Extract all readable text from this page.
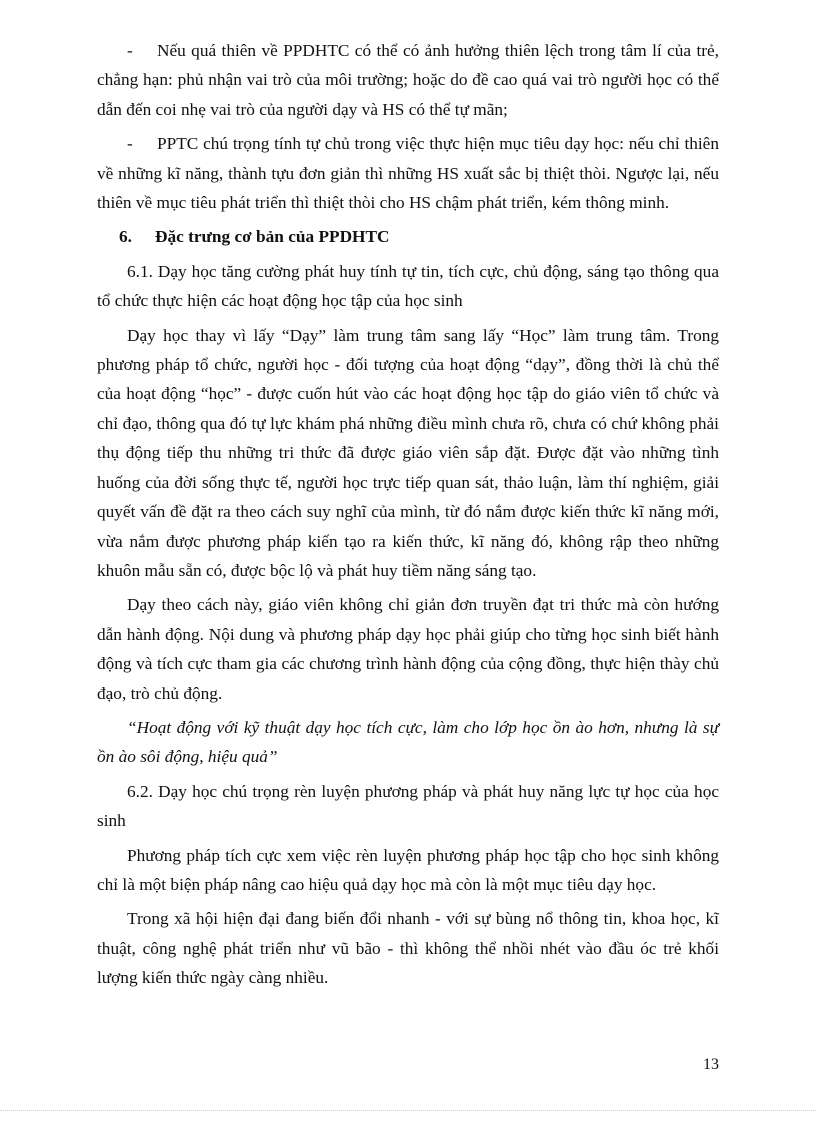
- Nếu quá thiên về PPDHTC có thể có ảnh hưởng thiên lệch trong tâm lí của trẻ, chẳng hạn: phủ nhận vai trò của môi trường; hoặc do đề cao quá vai trò người học có thể dẫn đến coi nhẹ vai trò của người dạy và HS có thể tự mãn;

- PPTC chú trọng tính tự chủ trong việc thực hiện mục tiêu dạy học: nếu chỉ thiên về những kĩ năng, thành tựu đơn giản thì những HS xuất sắc bị thiệt thòi. Ngược lại, nếu thiên về mục tiêu phát triển thì thiệt thòi cho HS chậm phát triển, kém thông minh.

6. Đặc trưng cơ bản của PPDHTC

6.1. Dạy học tăng cường phát huy tính tự tin, tích cực, chủ động, sáng tạo thông qua tổ chức thực hiện các hoạt động học tập của học sinh

Dạy học thay vì lấy “Dạy” làm trung tâm sang lấy “Học” làm trung tâm. Trong phương pháp tổ chức, người học - đối tượng của hoạt động “dạy”, đồng thời là chủ thể của hoạt động “học” - được cuốn hút vào các hoạt động học tập do giáo viên tổ chức và chỉ đạo, thông qua đó tự lực khám phá những điều mình chưa rõ, chưa có chứ không phải thụ động tiếp thu những tri thức đã được giáo viên sắp đặt. Được đặt vào những tình huống của đời sống thực tế, người học trực tiếp quan sát, thảo luận, làm thí nghiệm, giải quyết vấn đề đặt ra theo cách suy nghĩ của mình, từ đó nắm được kiến thức kĩ năng mới, vừa nắm được phương pháp kiến tạo ra kiến thức, kĩ năng đó, không rập theo những khuôn mẫu sẵn có, được bộc lộ và phát huy tiềm năng sáng tạo.

Dạy theo cách này, giáo viên không chỉ giản đơn truyền đạt tri thức mà còn hướng dẫn hành động. Nội dung và phương pháp dạy học phải giúp cho từng học sinh biết hành động và tích cực tham gia các chương trình hành động của cộng đồng, thực hiện thày chủ đạo, trò chủ động.

“Hoạt động với kỹ thuật dạy học tích cực, làm cho lớp học ồn ào hơn, nhưng là sự ồn ào sôi động, hiệu quả”

6.2. Dạy học chú trọng rèn luyện phương pháp và phát huy năng lực tự học của học sinh

Phương pháp tích cực xem việc rèn luyện phương pháp học tập cho học sinh không chỉ là một biện pháp nâng cao hiệu quả dạy học mà còn là một mục tiêu dạy học.

Trong xã hội hiện đại đang biến đổi nhanh - với sự bùng nổ thông tin, khoa học, kĩ thuật, công nghệ phát triển như vũ bão - thì không thể nhồi nhét vào đầu óc trẻ khối lượng kiến thức ngày càng nhiều.

13
